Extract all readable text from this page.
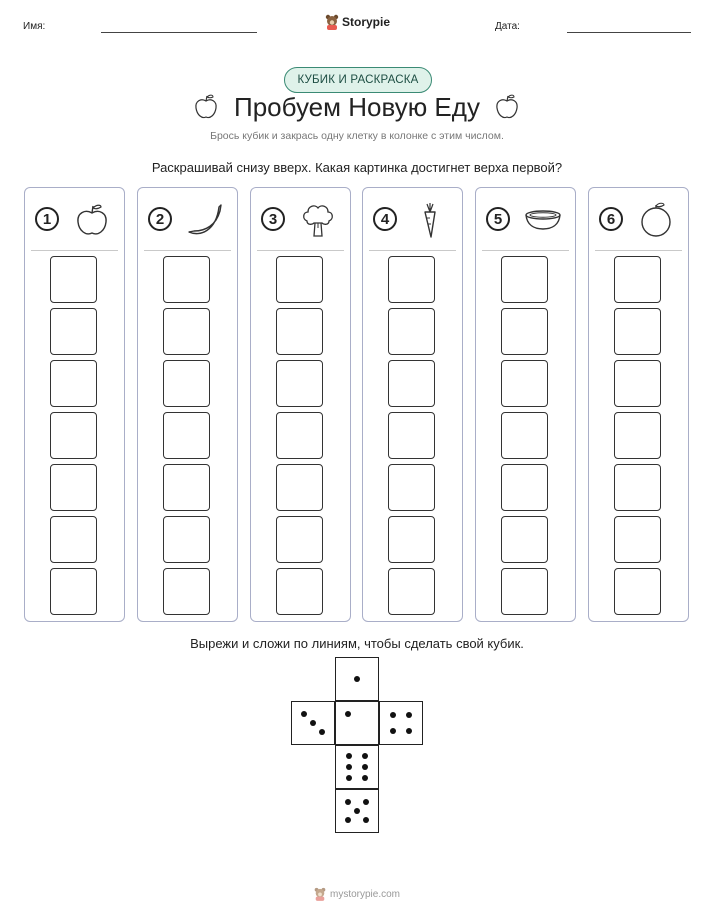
Имя:	Storypie	Дата:
КУБИК И РАСКРАСКА
Пробуем Новую Еду
Брось кубик и закрась одну клетку в колонке с этим числом.
Раскрашивай снизу вверх. Какая картинка достигнет верха первой?
1	2	3	4	5	6
Вырежи и сложи по линиям, чтобы сделать свой кубик.
mystorypie.com
